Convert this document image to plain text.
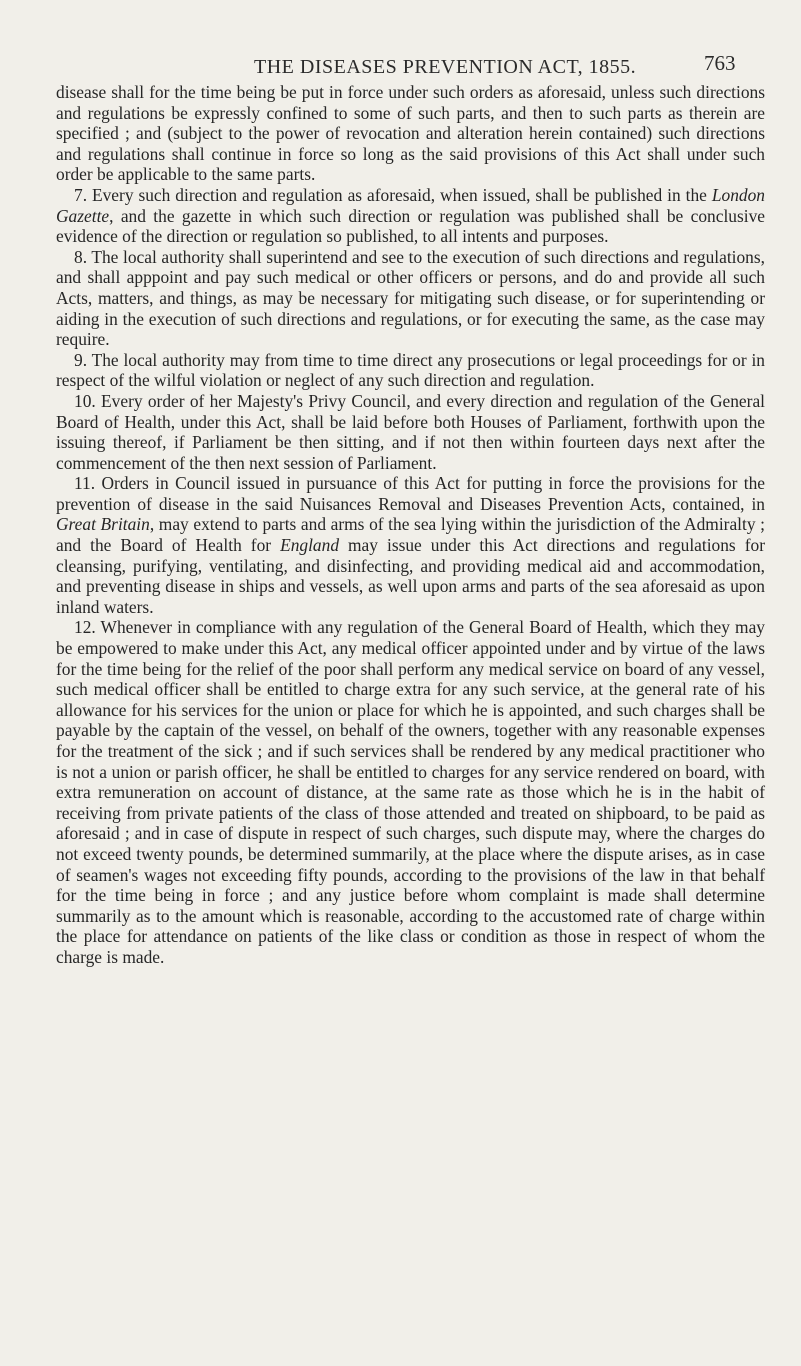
THE DISEASES PREVENTION ACT, 1855.	763

disease shall for the time being be put in force under such orders as aforesaid, unless such directions and regulations be expressly confined to some of such parts, and then to such parts as therein are specified ; and (subject to the power of revocation and alteration herein contained) such directions and regulations shall continue in force so long as the said provisions of this Act shall under such order be applicable to the same parts.

7. Every such direction and regulation as aforesaid, when issued, shall be published in the London Gazette, and the gazette in which such direction or regulation was published shall be conclusive evidence of the direction or regulation so published, to all intents and purposes.

8. The local authority shall superintend and see to the execution of such directions and regulations, and shall apppoint and pay such medical or other officers or persons, and do and provide all such Acts, matters, and things, as may be necessary for mitigating such disease, or for superintending or aiding in the execution of such directions and regulations, or for executing the same, as the case may require.

9. The local authority may from time to time direct any prosecutions or legal proceedings for or in respect of the wilful violation or neglect of any such direction and regulation.

10. Every order of her Majesty's Privy Council, and every direction and regulation of the General Board of Health, under this Act, shall be laid before both Houses of Parliament, forthwith upon the issuing thereof, if Parliament be then sitting, and if not then within fourteen days next after the commencement of the then next session of Parliament.

11. Orders in Council issued in pursuance of this Act for putting in force the provisions for the prevention of disease in the said Nuisances Removal and Diseases Prevention Acts, contained, in Great Britain, may extend to parts and arms of the sea lying within the jurisdiction of the Admiralty ; and the Board of Health for England may issue under this Act directions and regulations for cleansing, purifying, ventilating, and disinfecting, and providing medical aid and accommodation, and preventing disease in ships and vessels, as well upon arms and parts of the sea aforesaid as upon inland waters.

12. Whenever in compliance with any regulation of the General Board of Health, which they may be empowered to make under this Act, any medical officer appointed under and by virtue of the laws for the time being for the relief of the poor shall perform any medical service on board of any vessel, such medical officer shall be entitled to charge extra for any such service, at the general rate of his allowance for his services for the union or place for which he is appointed, and such charges shall be payable by the captain of the vessel, on behalf of the owners, together with any reasonable expenses for the treatment of the sick ; and if such services shall be rendered by any medical practitioner who is not a union or parish officer, he shall be entitled to charges for any service rendered on board, with extra remuneration on account of distance, at the same rate as those which he is in the habit of receiving from private patients of the class of those attended and treated on shipboard, to be paid as aforesaid ; and in case of dispute in respect of such charges, such dispute may, where the charges do not exceed twenty pounds, be determined summarily, at the place where the dispute arises, as in case of seamen's wages not exceeding fifty pounds, according to the provisions of the law in that behalf for the time being in force ; and any justice before whom complaint is made shall determine summarily as to the amount which is reasonable, according to the accustomed rate of charge within the place for attendance on patients of the like class or condition as those in respect of whom the charge is made.
